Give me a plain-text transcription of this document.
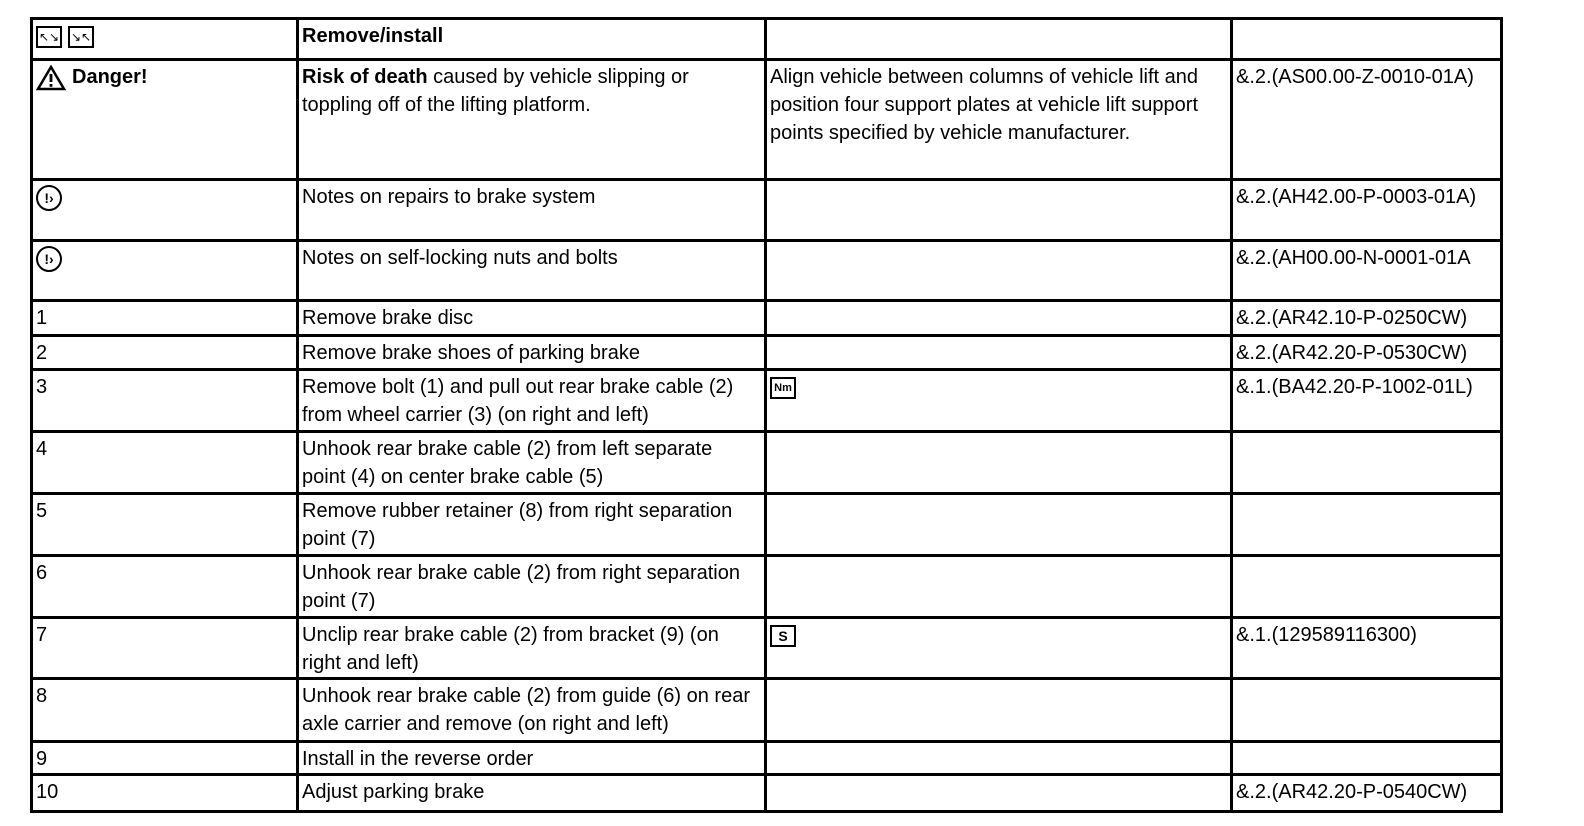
↖↘ ↘↖	Remove/install		
Danger!	Risk of death caused by vehicle slipping or toppling off of the lifting platform.	Align vehicle between columns of vehicle lift and position four support plates at vehicle lift support points specified by vehicle manufacturer.	&.2.(AS00.00-Z-0010-01A)
!›	Notes on repairs to brake system		&.2.(AH42.00-P-0003-01A)
!›	Notes on self-locking nuts and bolts		&.2.(AH00.00-N-0001-01A
1	Remove brake disc		&.2.(AR42.10-P-0250CW)
2	Remove brake shoes of parking brake		&.2.(AR42.20-P-0530CW)
3	Remove bolt (1) and pull out rear brake cable (2) from wheel carrier (3) (on right and left)	Nm	&.1.(BA42.20-P-1002-01L)
4	Unhook rear brake cable (2) from left separate point (4) on center brake cable (5)		
5	Remove rubber retainer (8) from right separation point (7)		
6	Unhook rear brake cable (2) from right separation point (7)		
7	Unclip rear brake cable (2) from bracket (9) (on right and left)	S	&.1.(129589116300)
8	Unhook rear brake cable (2) from guide (6) on rear axle carrier and remove (on right and left)		
9	Install in the reverse order		
10	Adjust parking brake		&.2.(AR42.20-P-0540CW)
